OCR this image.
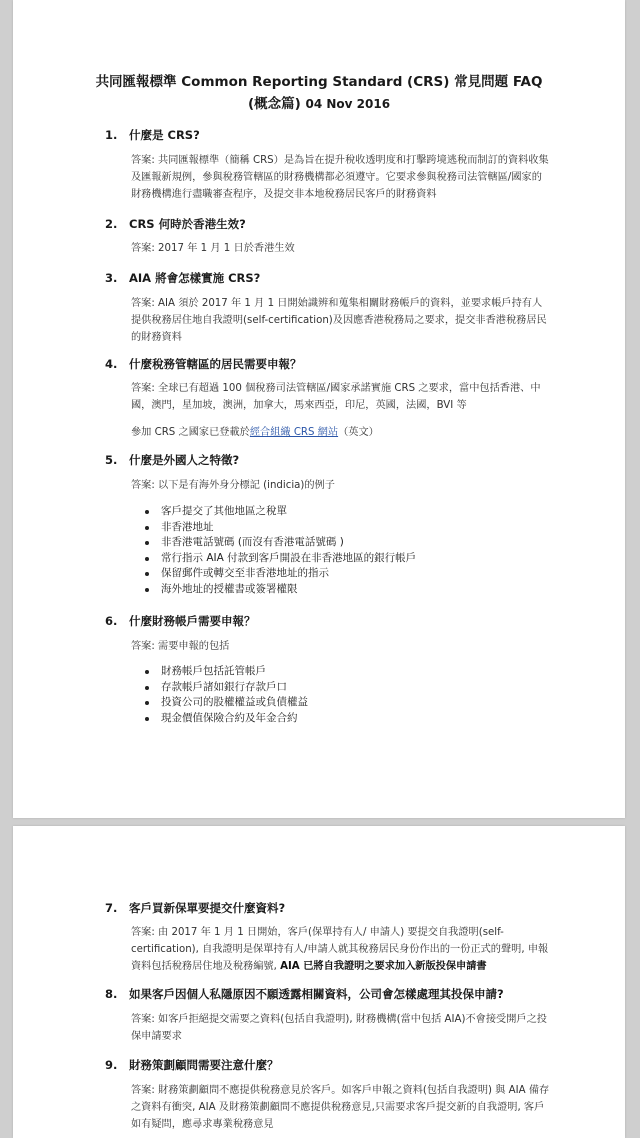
共同匯報標準 Common Reporting Standard (CRS) 常見問題 FAQ
(概念篇) 04 Nov 2016
1. 什麼是 CRS?
答案: 共同匯報標準（簡稱 CRS）是為旨在提升稅收透明度和打擊跨境逃稅而制訂的資料收集及匯報新規例，參與稅務管轄區的財務機構都必須遵守。它要求參與稅務司法管轄區/國家的財務機構進行盡職審查程序，及提交非本地稅務居民客戶的財務資料
2. CRS 何時於香港生效?
答案: 2017 年 1 月 1 日於香港生效
3. AIA 將會怎樣實施 CRS?
答案: AIA 須於 2017 年 1 月 1 日開始識辨和蒐集相關財務帳戶的資料，並要求帳戶持有人提供稅務居住地自我證明(self-certification)及因應香港稅務局之要求，提交非香港稅務居民的財務資料
4. 什麼稅務管轄區的居民需要申報？
答案: 全球已有超過 100 個稅務司法管轄區/國家承諾實施 CRS 之要求，當中包括香港、中國，澳門，星加坡，澳洲，加拿大，馬來西亞，印尼，英國，法國，BVI 等
參加 CRS 之國家已登載於經合組織 CRS 網站（英文）
5. 什麼是外國人之特徵?
答案: 以下是有海外身分標記 (indicia)的例子
客戶提交了其他地區之稅單
非香港地址
非香港電話號碼 (而沒有香港電話號碼 )
常行指示 AIA 付款到客戶開設在非香港地區的銀行帳戶
保留郵件或轉交至非香港地址的指示
海外地址的授權書或簽署權限
6. 什麼財務帳戶需要申報？
答案: 需要申報的包括
財務帳戶包括託管帳戶
存款帳戶諸如銀行存款戶口
投資公司的股權權益或負債權益
現金價值保險合約及年金合約
7. 客戶買新保單要提交什麼資料?
答案: 由 2017 年 1 月 1 日開始，客戶(保單持有人/ 申請人) 要提交自我證明(self-certification), 自我證明是保單持有人/申請人就其稅務居民身份作出的一份正式的聲明, 申報資料包括稅務居住地及稅務編號, AIA 已將自我證明之要求加入新版投保申請書
8. 如果客戶因個人私隱原因不願透露相關資料，公司會怎樣處理其投保申請?
答案: 如客戶拒絕提交需要之資料(包括自我證明), 財務機構(當中包括 AIA)不會接受開戶之投保申請要求
9. 財務策劃顧問需要注意什麼？
答案: 財務策劃顧問不應提供稅務意見於客戶。如客戶申報之資料(包括自我證明) 與 AIA 備存之資料有衝突, AIA 及財務策劃顧問不應提供稅務意見,只需要求客戶提交新的自我證明, 客戶如有疑問，應尋求專業稅務意見
